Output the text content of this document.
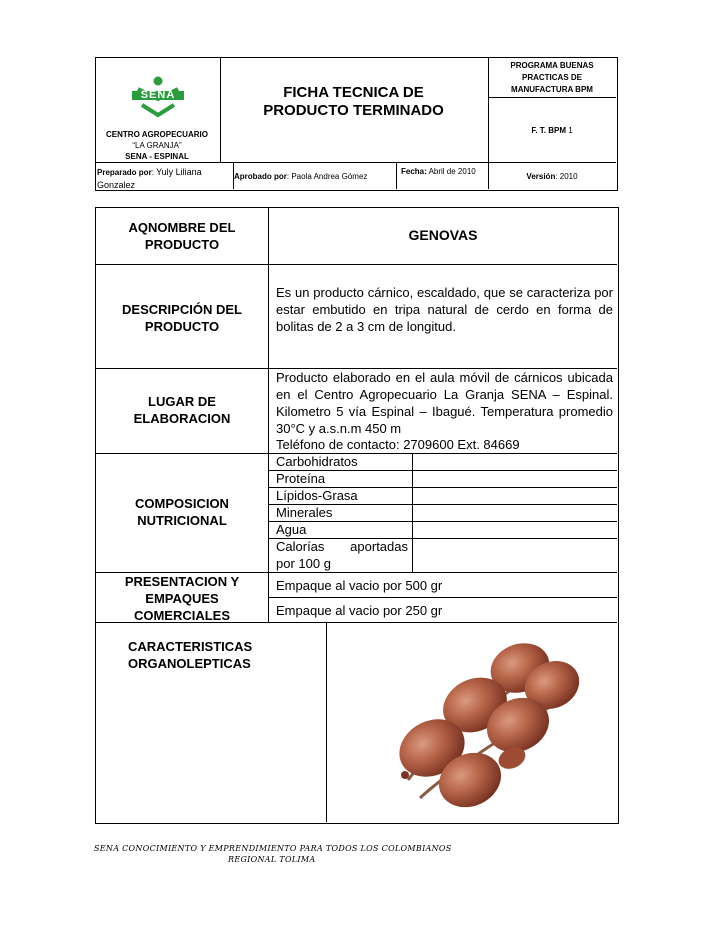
SENA
CENTRO AGROPECUARIO
“LA GRANJA”
SENA - ESPINAL
FICHA TECNICA DE
PRODUCTO TERMINADO
PROGRAMA BUENAS
PRACTICAS DE
MANUFACTURA BPM
F. T. BPM 1
Preparado por: Yuly Liliana Gonzalez
Aprobado por: Paola Andrea Gómez
Fecha: Abril de 2010
Versión: 2010
AQNOMBRE DEL
PRODUCTO
GENOVAS
DESCRIPCIÓN DEL
PRODUCTO
Es un producto cárnico, escaldado, que se caracteriza por estar embutido en tripa natural de cerdo en forma de bolitas de 2 a 3 cm de longitud.
LUGAR DE
ELABORACION
Producto elaborado en el aula móvil de cárnicos ubicada en el Centro Agropecuario La Granja SENA – Espinal. Kilometro 5 vía Espinal – Ibagué. Temperatura promedio 30°C y a.s.n.m 450 m
Teléfono de contacto: 2709600 Ext. 84669
COMPOSICION
NUTRICIONAL
Carbohidratos
Proteína
Lípidos-Grasa
Minerales
Agua
Calorías aportadas por 100 g
PRESENTACION Y
EMPAQUES
COMERCIALES
Empaque al vacio por 500 gr
Empaque al vacio por 250 gr
CARACTERISTICAS
ORGANOLEPTICAS
SENA CONOCIMIENTO Y EMPRENDIMIENTO PARA TODOS LOS COLOMBIANOS
REGIONAL TOLIMA
